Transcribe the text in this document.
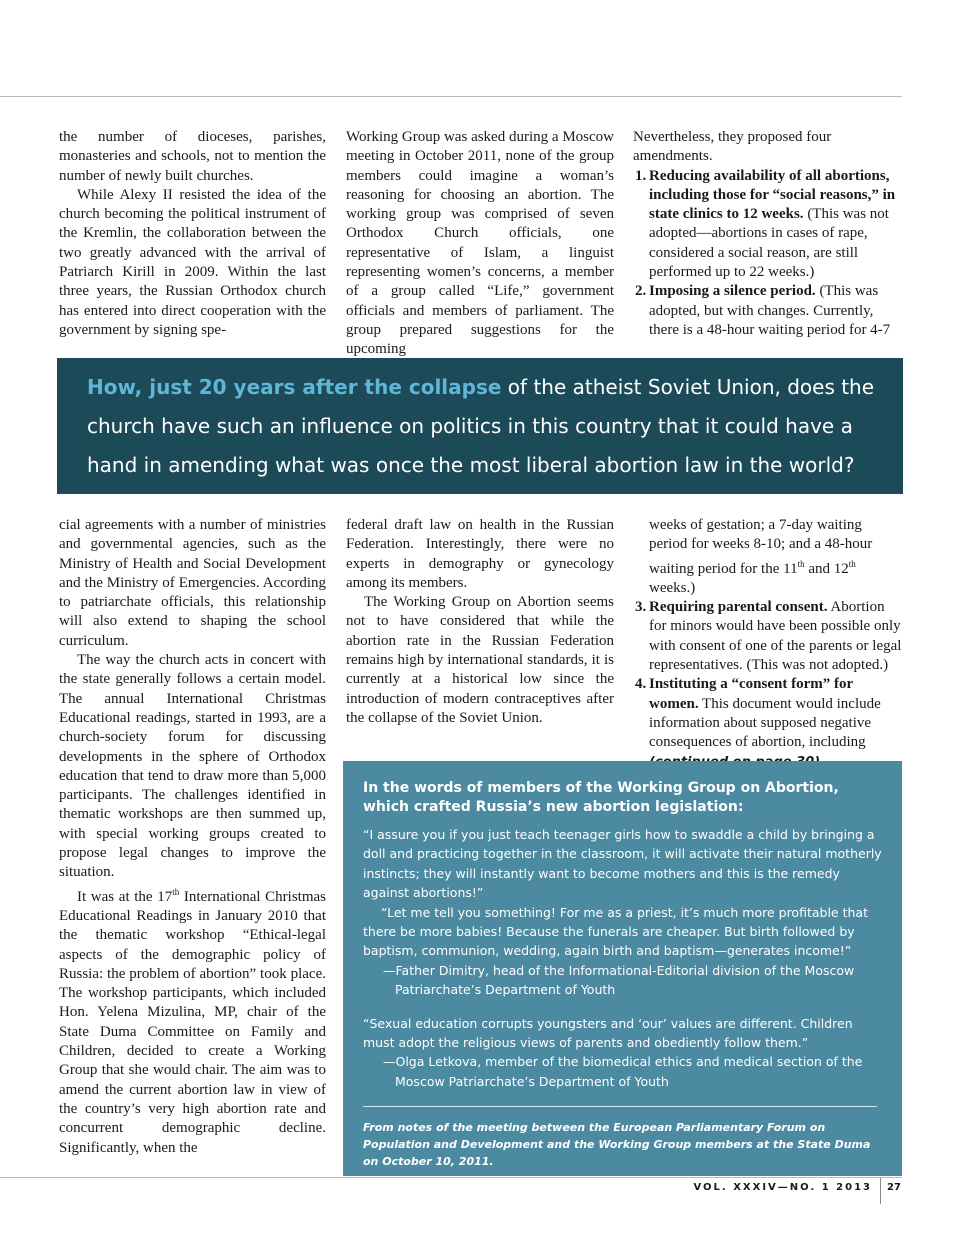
the number of dioceses, parishes, monasteries and schools, not to mention the number of newly built churches.

While Alexy II resisted the idea of the church becoming the political instrument of the Kremlin, the collaboration between the two greatly advanced with the arrival of Patriarch Kirill in 2009. Within the last three years, the Russian Orthodox church has entered into direct cooperation with the government by signing spe-

Working Group was asked during a Moscow meeting in October 2011, none of the group members could imagine a woman’s reasoning for choosing an abortion. The working group was comprised of seven Orthodox Church officials, one representative of Islam, a linguist representing women’s concerns, a member of a group called “Life,” government officials and members of parliament. The group prepared suggestions for the upcoming

Nevertheless, they proposed four amendments.

1. Reducing availability of all abortions, including those for “social reasons,” in state clinics to 12 weeks. (This was not adopted—abortions in cases of rape, considered a social reason, are still performed up to 22 weeks.)
2. Imposing a silence period. (This was adopted, but with changes. Currently, there is a 48-hour waiting period for 4-7
How, just 20 years after the collapse of the atheist Soviet Union, does the church have such an influence on politics in this country that it could have a hand in amending what was once the most liberal abortion law in the world?

cial agreements with a number of ministries and governmental agencies, such as the Ministry of Health and Social Development and the Ministry of Emergencies. According to patriarchate officials, this relationship will also extend to shaping the school curriculum.

The way the church acts in concert with the state generally follows a certain model. The annual International Christmas Educational readings, started in 1993, are a church-society forum for discussing developments in the sphere of Orthodox education that tend to draw more than 5,000 participants. The challenges identified in thematic workshops are then summed up, with special working groups created to propose legal changes to improve the situation.

It was at the 17th International Christmas Educational Readings in January 2010 that the thematic workshop “Ethical-legal aspects of the demographic policy of Russia: the problem of abortion” took place. The workshop participants, which included Hon. Yelena Mizulina, MP, chair of the State Duma Committee on Family and Children, decided to create a Working Group that she would chair. The aim was to amend the current abortion law in view of the country’s very high abortion rate and concurrent demographic decline. Significantly, when the

federal draft law on health in the Russian Federation. Interestingly, there were no experts in demography or gynecology among its members.

The Working Group on Abortion seems not to have considered that while the abortion rate in the Russian Federation remains high by international standards, it is currently at a historical low since the introduction of modern contraceptives after the collapse of the Soviet Union.

weeks of gestation; a 7-day waiting period for weeks 8-10; and a 48-hour waiting period for the 11th and 12th weeks.)
3. Requiring parental consent. Abortion for minors would have been possible only with consent of one of the parents or legal representatives. (This was not adopted.)
4. Instituting a “consent form” for women. This document would include information about supposed negative consequences of abortion, including

In the words of members of the Working Group on Abortion, which crafted Russia’s new abortion legislation:

“I assure you if you just teach teenager girls how to swaddle a child by bringing a doll and practicing together in the classroom, it will activate their natural motherly instincts; they will instantly want to become mothers and this is the remedy against abortions!”

“Let me tell you something! For me as a priest, it’s much more profitable that there be more babies! Because the funerals are cheaper. But birth followed by baptism, communion, wedding, again birth and baptism—generates income!”

—Father Dimitry, head of the Informational-Editorial division of the Moscow Patriarchate’s Department of Youth

“Sexual education corrupts youngsters and ‘our’ values are different. Children must adopt the religious views of parents and obediently follow them.”

—Olga Letkova, member of the biomedical ethics and medical section of the Moscow Patriarchate’s Department of Youth

From notes of the meeting between the European Parliamentary Forum on Population and Development and the Working Group members at the State Duma on October 10, 2011.
VOL. XXXIV—NO. 1 2013 27
